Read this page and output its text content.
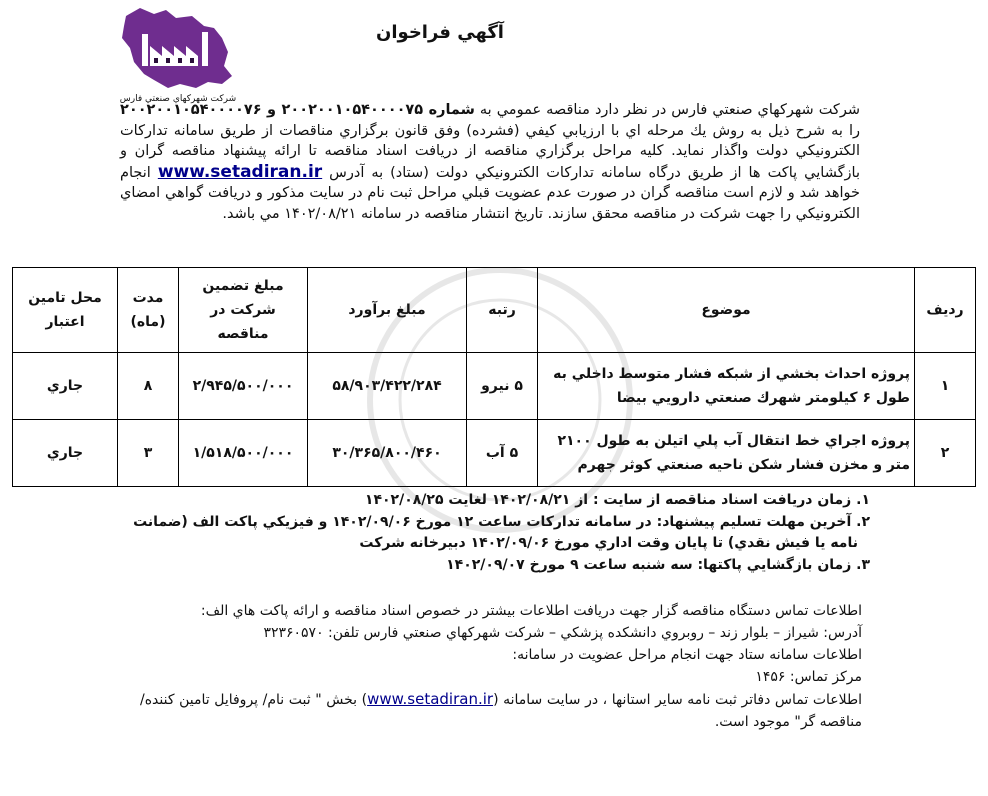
شرکت شهرکهاي صنعتي فارس
آگهي فراخوان
شرکت شهرکهاي صنعتي فارس در نظر دارد مناقصه عمومي به شماره ۲۰۰۲۰۰۱۰۵۴۰۰۰۰۷۵ و ۲۰۰۲۰۰۱۰۵۴۰۰۰۰۷۶ را به شرح ذيل به روش يك مرحله اي با ارزيابي كيفي (فشرده) وفق قانون برگزاري مناقصات از طريق سامانه تداركات الكترونيكي دولت واگذار نمايد. كليه مراحل برگزاري مناقصه از دريافت اسناد مناقصه تا ارائه پيشنهاد مناقصه گران و بازگشايي پاكت ها از طريق درگاه سامانه تداركات الكترونيكي دولت (ستاد) به آدرس www.setadiran.ir انجام خواهد شد و لازم است مناقصه گران در صورت عدم عضويت قبلي مراحل ثبت نام در سايت مذكور و دريافت گواهي امضاي الكترونيكي را جهت شركت در مناقصه محقق سازند. تاريخ انتشار مناقصه در سامانه ۱۴۰۲/۰۸/۲۱ مي باشد.
رديف	موضوع	رتبه	مبلغ برآورد	مبلغ تضمين شركت در مناقصه	مدت (ماه)	محل تامين اعتبار
۱	پروژه احداث بخشي از شبكه فشار متوسط داخلي به طول ۶ كيلومتر شهرك صنعتي دارويي بيضا	۵ نيرو	۵۸/۹۰۳/۴۲۲/۲۸۴	۲/۹۴۵/۵۰۰/۰۰۰	۸	جاري
۲	پروژه اجراي خط انتقال آب پلي اتيلن به طول ۲۱۰۰ متر و مخزن فشار شكن ناحيه صنعتي كوثر جهرم	۵ آب	۳۰/۳۶۵/۸۰۰/۴۶۰	۱/۵۱۸/۵۰۰/۰۰۰	۳	جاري

۱. زمان دريافت اسناد مناقصه از سايت : از ۱۴۰۲/۰۸/۲۱ لغايت ۱۴۰۲/۰۸/۲۵

۲. آخرين مهلت تسليم پيشنهاد: در سامانه تداركات ساعت ۱۲ مورخ ۱۴۰۲/۰۹/۰۶ و فيزيكي پاكت الف (ضمانت

نامه يا فيش نقدي) تا پايان وقت اداري مورخ ۱۴۰۲/۰۹/۰۶ دبيرخانه شركت

۳. زمان بازگشايي پاكتها: سه شنبه ساعت ۹ مورخ ۱۴۰۲/۰۹/۰۷

اطلاعات تماس دستگاه مناقصه گزار جهت دريافت اطلاعات بيشتر در خصوص اسناد مناقصه و ارائه پاكت هاي الف:

آدرس: شيراز – بلوار زند – روبروي دانشكده پزشكي – شركت شهركهاي صنعتي فارس تلفن: ۳۲۳۶۰۵۷۰

اطلاعات سامانه ستاد جهت انجام مراحل عضويت در سامانه:

مركز تماس: ۱۴۵۶

اطلاعات تماس دفاتر ثبت نامه ساير استانها ، در سايت سامانه (www.setadiran.ir) بخش " ثبت نام/ پروفايل تامين كننده/ مناقصه گر" موجود است.
